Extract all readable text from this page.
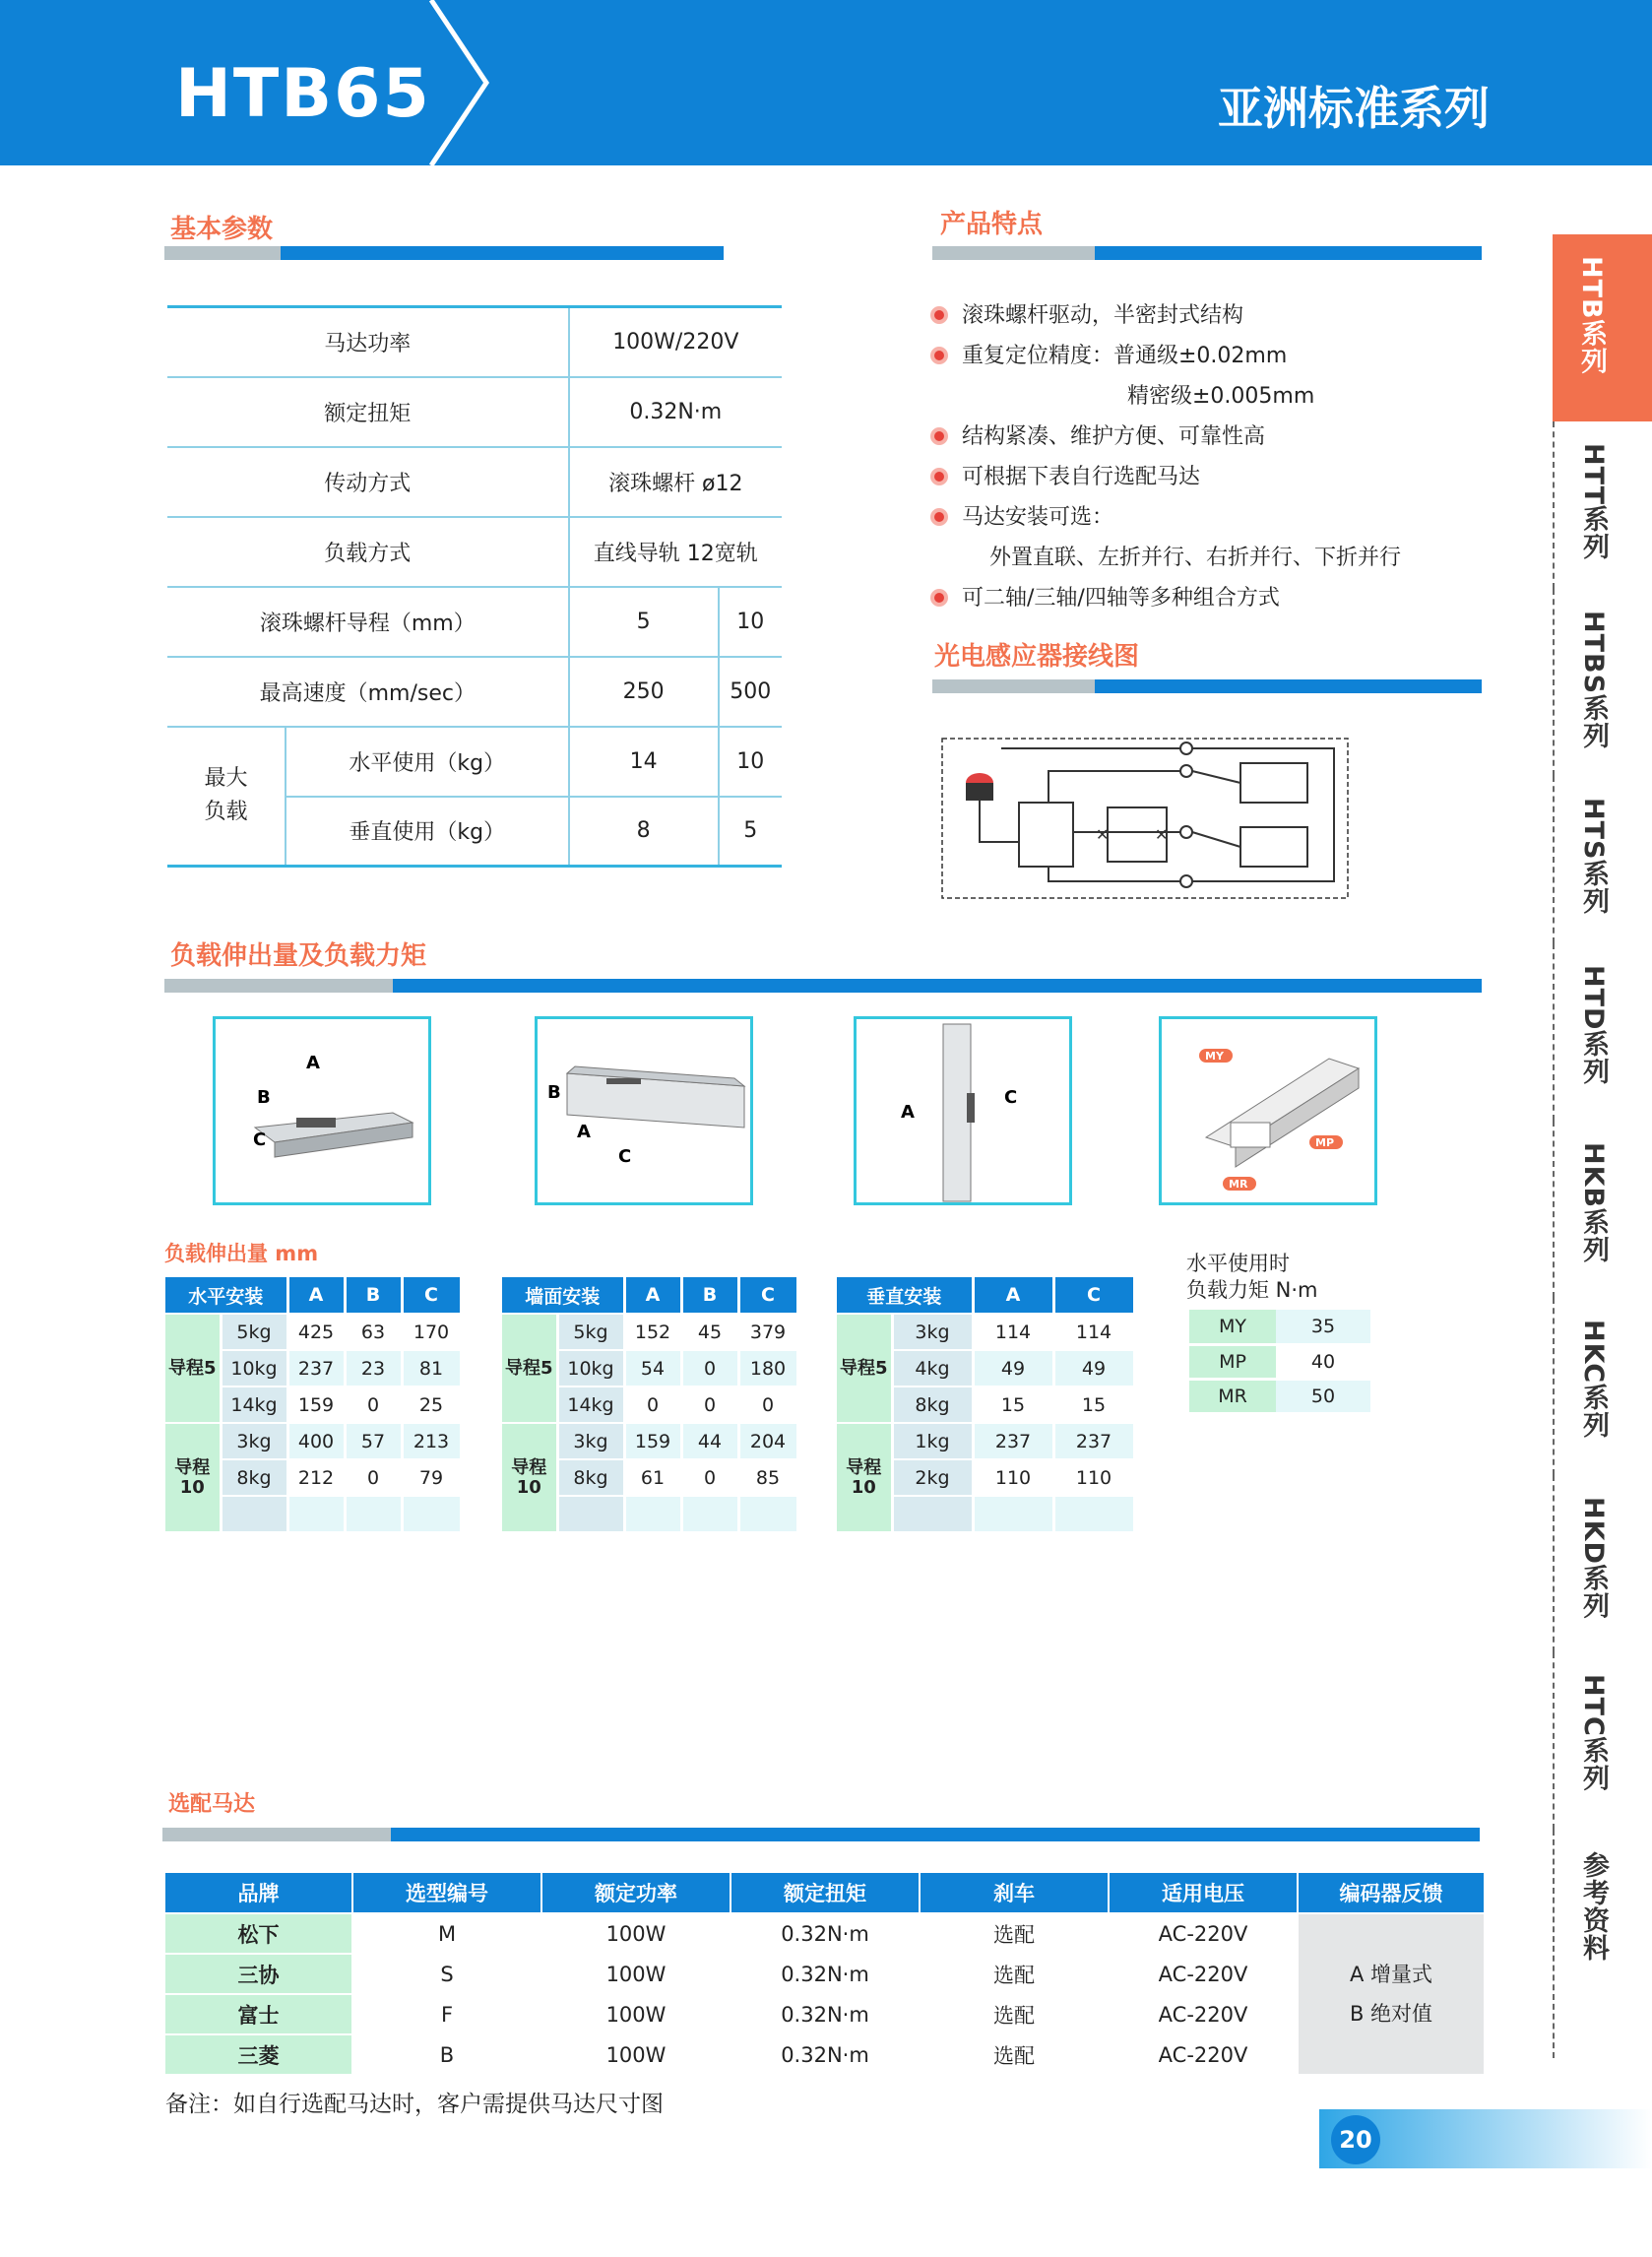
HTB65	亚洲标准系列
基本参数
马达功率		100W/220V	
额定扭矩		0.32N·m	
传动方式		滚珠螺杆 ø12	
负载方式		直线导轨 12宽轨	
滚珠螺杆导程（mm）		5	10
最高速度（mm/sec）		250	500
最大
负载	水平使用（kg）	14	10
	垂直使用（kg）	8	5
产品特点
滚珠螺杆驱动，半密封式结构
重复定位精度：普通级±0.02mm
精密级±0.005mm
结构紧凑、维护方便、可靠性高
可根据下表自行选配马达
马达安装可选：
外置直联、左折并行、右折并行、下折并行
可二轴/三轴/四轴等多种组合方式
光电感应器接线图
✕	✕
负载伸出量及负载力矩
A
B
C	A
B
C
A
C
MY
MP
MR
负载伸出量 mm
水平安装		A	B	C
导程5	5kg	425	63	170
	10kg	237	23	81
	14kg	159	0	25
导程10	3kg	400	57	213
	8kg	212	0	79

墙面安装		A	B	C
导程5	5kg	152	45	379
	10kg	54	0	180
	14kg	0	0	0
导程10	3kg	159	44	204
	8kg	61	0	85

垂直安装		A	C
导程5	3kg	114	114
	4kg	49	49
	8kg	15	15
导程10	1kg	237	237
	2kg	110	110

水平使用时
负载力矩 N·m
MY	35
MP	40
MR	50
选配马达
品牌	选型编号	额定功率	额定扭矩	刹车	适用电压	编码器反馈
松下	M	100W	0.32N·m	选配	AC-220V	A 增量式
B 绝对值
三协	S	100W	0.32N·m	选配	AC-220V	
富士	F	100W	0.32N·m	选配	AC-220V	
三菱	B	100W	0.32N·m	选配	AC-220V	
备注：如自行选配马达时，客户需提供马达尺寸图
20
HTB系列
HTT系列
HTBS系列
HTS系列
HTD系列
HKB系列
HKC系列
HKD系列
HTC系列
参考资料
